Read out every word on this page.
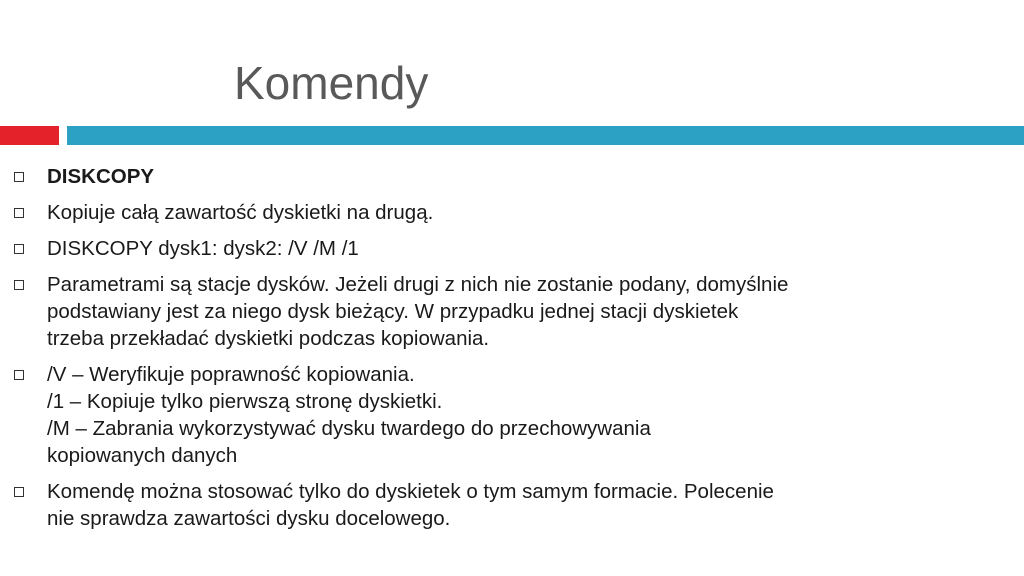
Komendy
DISKCOPY
Kopiuje całą zawartość dyskietki na drugą.
DISKCOPY dysk1: dysk2: /V /M /1
Parametrami są stacje dysków. Jeżeli drugi z nich nie zostanie podany, domyślnie
podstawiany jest za niego dysk bieżący. W przypadku jednej stacji dyskietek
trzeba przekładać dyskietki podczas kopiowania.
/V – Weryfikuje poprawność kopiowania.
/1 – Kopiuje tylko pierwszą stronę dyskietki.
/M – Zabrania wykorzystywać dysku twardego do przechowywania
kopiowanych danych
Komendę można stosować tylko do dyskietek o tym samym formacie. Polecenie
nie sprawdza zawartości dysku docelowego.
